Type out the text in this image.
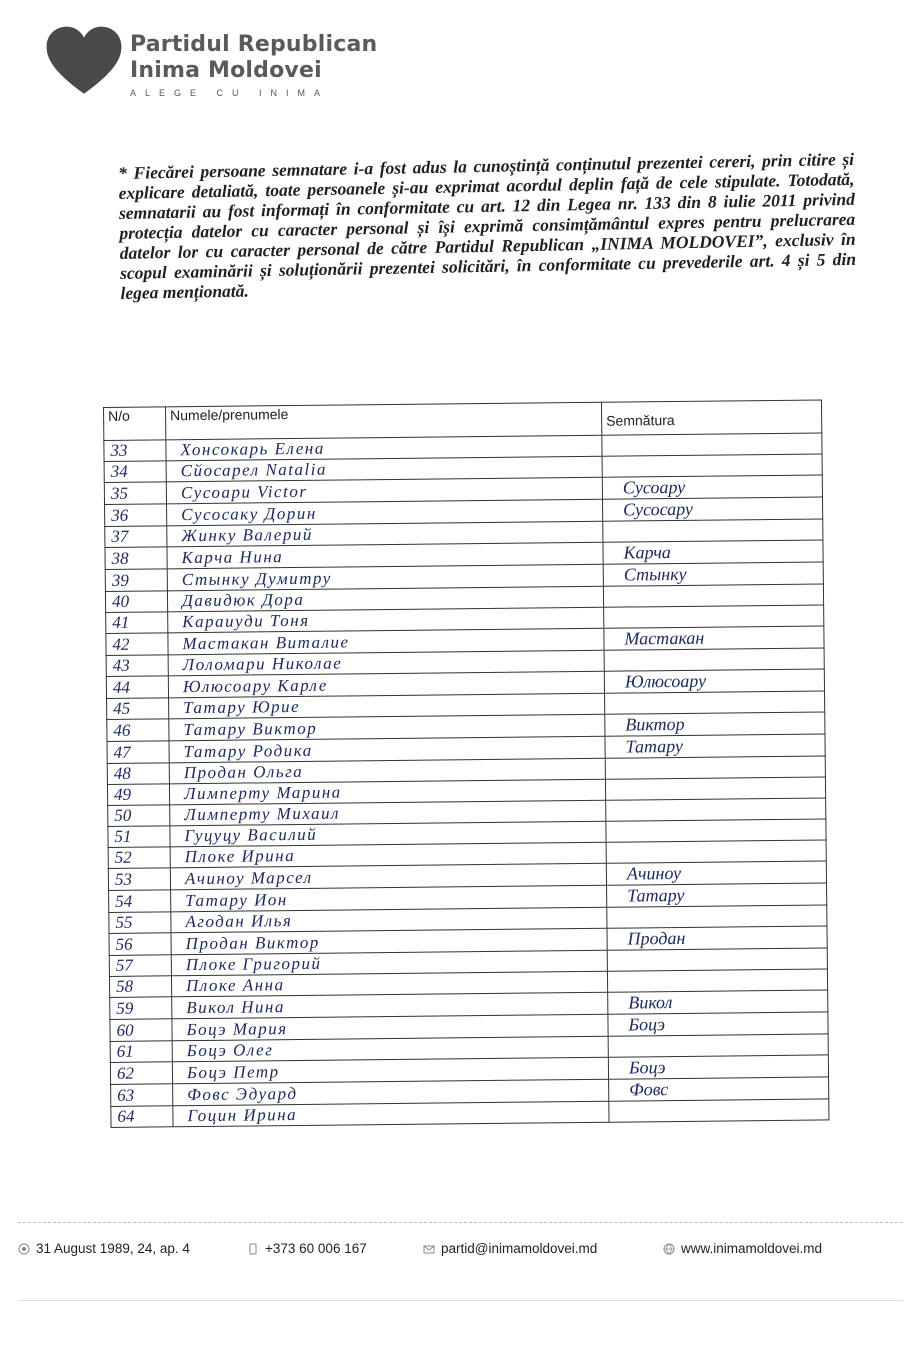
Partidul Republican
Inima Moldovei
ALEGE CU INIMA
* Fiecărei persoane semnatare i-a fost adus la cunoștință conținutul prezentei cereri, prin citire și explicare detaliată, toate persoanele și-au exprimat acordul deplin față de cele stipulate. Totodată, semnatarii au fost informați în conformitate cu art. 12 din Legea nr. 133 din 8 iulie 2011 privind protecția datelor cu caracter personal și își exprimă consimțământul expres pentru prelucrarea datelor lor cu caracter personal de către Partidul Republican „INIMA MOLDOVEI”, exclusiv în scopul examinării și soluționării prezentei solicitări, în conformitate cu prevederile art. 4 și 5 din legea menționată.
N/o	Numele/prenumele	Semnătura
33	Хонсокарь Елена	
34	Сйосарел Natalia	
35	Сусоарu Victor	Сусоару
36	Сусосаку Дорин	Сусосару
37	Жинку Валерий	
38	Карча Нина	Карча
39	Стынку Думитру	Стынку
40	Давидюк Дора	
41	Караиуди Тоня	
42	Мастакан Виталие	Мастакан
43	Лоломари Николае	
44	Юлюсоару Карле	Юлюсоару
45	Татару Юрие	
46	Татару Виктор	Виктор
47	Татару Родика	Татару
48	Продан Ольга	
49	Лимперту Марина	
50	Лимперту Михаил	
51	Гуцуцу Василий	
52	Плоке Ирина	
53	Ачиноу Марсел	Ачиноу
54	Татару Ион	Татару
55	Агодан Илья	
56	Продан Виктор	Продан
57	Плоке Григорий	
58	Плоке Анна	
59	Викол Нина	Викол
60	Боцэ Мария	Боцэ
61	Боцэ Олег	
62	Боцэ Петр	Боцэ
63	Фовс Эдуард	Фовс
64	Гоцин Ирина	
31 August 1989, 24, ap. 4	+373 60 006 167	partid@inimamoldovei.md	www.inimamoldovei.md
